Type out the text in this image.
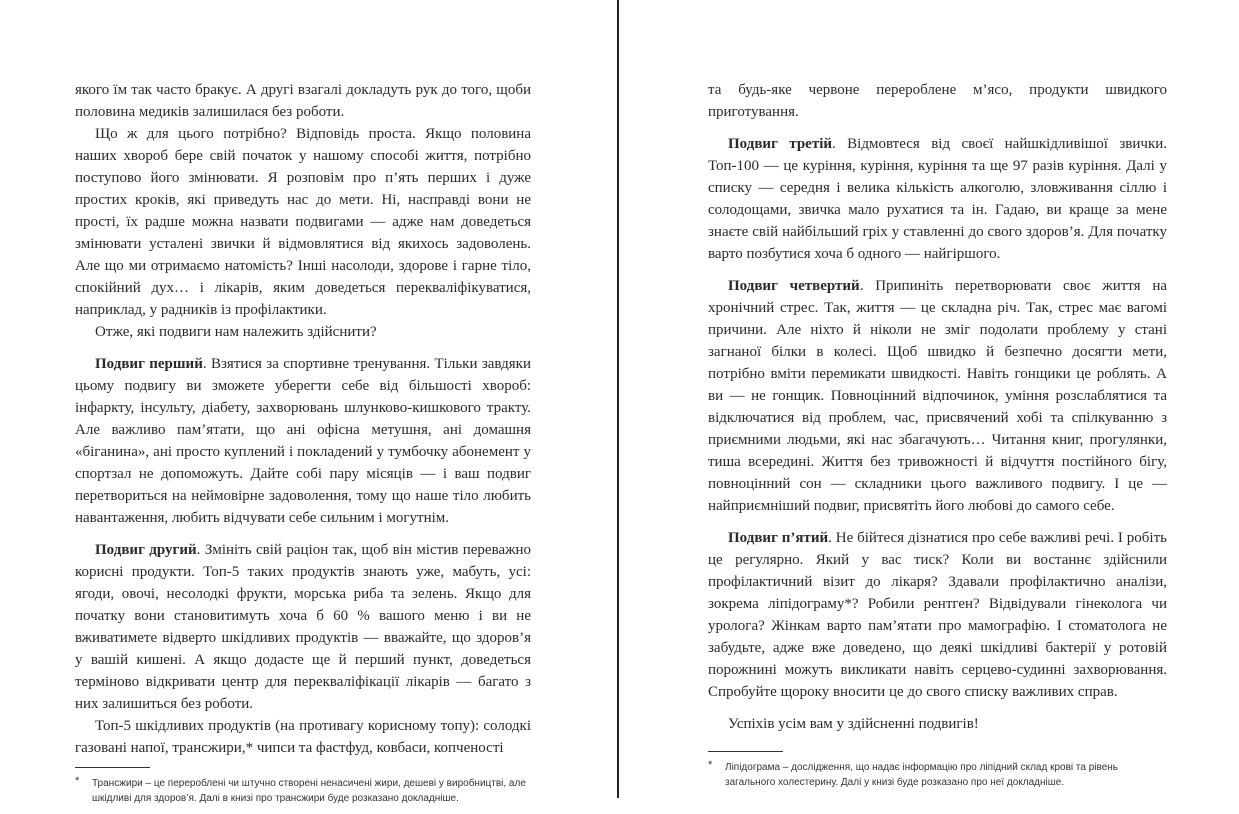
якого їм так часто бракує. А другі взагалі докладуть рук до того, щоби половина медиків залишилася без роботи.

Що ж для цього потрібно? Відповідь проста. Якщо половина наших хвороб бере свій початок у нашому способі життя, потрібно поступово його змінювати. Я розповім про п’ять перших і дуже простих кроків, які приведуть нас до мети. Ні, насправді вони не прості, їх радше можна назвати подвигами — адже нам доведеться змінювати усталені звички й відмовлятися від якихось задоволень. Але що ми отримаємо натомість? Інші насолоди, здорове і гарне тіло, спокійний дух… і лікарів, яким доведеться перекваліфікуватися, наприклад, у радників із профілактики.

Отже, які подвиги нам належить здійснити?

Подвиг перший. Взятися за спортивне тренування. Тільки завдяки цьому подвигу ви зможете уберегти себе від більшості хвороб: інфаркту, інсульту, діабету, захворювань шлунково-кишкового тракту. Але важливо пам’ятати, що ані офісна метушня, ані домашня «біганина», ані просто куплений і покладений у тумбочку абонемент у спортзал не допоможуть. Дайте собі пару місяців — і ваш подвиг перетвориться на неймовірне задоволення, тому що наше тіло любить навантаження, любить відчувати себе сильним і могутнім.

Подвиг другий. Змініть свій раціон так, щоб він містив переважно корисні продукти. Топ-5 таких продуктів знають уже, мабуть, усі: ягоди, овочі, несолодкі фрукти, морська риба та зелень. Якщо для початку вони становитимуть хоча б 60 % вашого меню і ви не вживатимете відверто шкідливих продуктів — вважайте, що здоров’я у вашій кишені. А якщо додасте ще й перший пункт, доведеться терміново відкривати центр для перекваліфікації лікарів — багато з них залишиться без роботи.

Топ-5 шкідливих продуктів (на противагу корисному топу): солодкі газовані напої, трансжири,* чипси та фастфуд, ковбаси, копченості

* Трансжири – це перероблені чи штучно створені ненасичені жири, дешеві у виробництві, але шкідливі для здоров’я. Далі в книзі про трансжири буде розказано докладніше.

та будь-яке червоне перероблене м’ясо, продукти швидкого приготування.

Подвиг третій. Відмовтеся від своєї найшкідливішої звички. Топ-100 — це куріння, куріння, куріння та ще 97 разів куріння. Далі у списку — середня і велика кількість алкоголю, зловживання сіллю і солодощами, звичка мало рухатися та ін. Гадаю, ви краще за мене знаєте свій найбільший гріх у ставленні до свого здоров’я. Для початку варто позбутися хоча б одного — найгіршого.

Подвиг четвертий. Припиніть перетворювати своє життя на хронічний стрес. Так, життя — це складна річ. Так, стрес має вагомі причини. Але ніхто й ніколи не зміг подолати проблему у стані загнаної білки в колесі. Щоб швидко й безпечно досягти мети, потрібно вміти перемикати швидкості. Навіть гонщики це роблять. А ви — не гонщик. Повноцінний відпочинок, уміння розслаблятися та відключатися від проблем, час, присвячений хобі та спілкуванню з приємними людьми, які нас збагачують… Читання книг, прогулянки, тиша всередині. Життя без тривожності й відчуття постійного бігу, повноцінний сон — складники цього важливого подвигу. І це — найприємніший подвиг, присвятіть його любові до самого себе.

Подвиг п’ятий. Не бійтеся дізнатися про себе важливі речі. І робіть це регулярно. Який у вас тиск? Коли ви востаннє здійснили профілактичний візит до лікаря? Здавали профілактично аналізи, зокрема ліпідограму*? Робили рентген? Відвідували гінеколога чи уролога? Жінкам варто пам’ятати про мамографію. І стоматолога не забудьте, адже вже доведено, що деякі шкідливі бактерії у ротовій порожнині можуть викликати навіть серцево-судинні захворювання. Спробуйте щороку вносити це до свого списку важливих справ.

Успіхів усім вам у здійсненні подвигів!

* Ліпідограма – дослідження, що надає інформацію про ліпідний склад крові та рівень загального холестерину. Далі у книзі буде розказано про неї докладніше.
